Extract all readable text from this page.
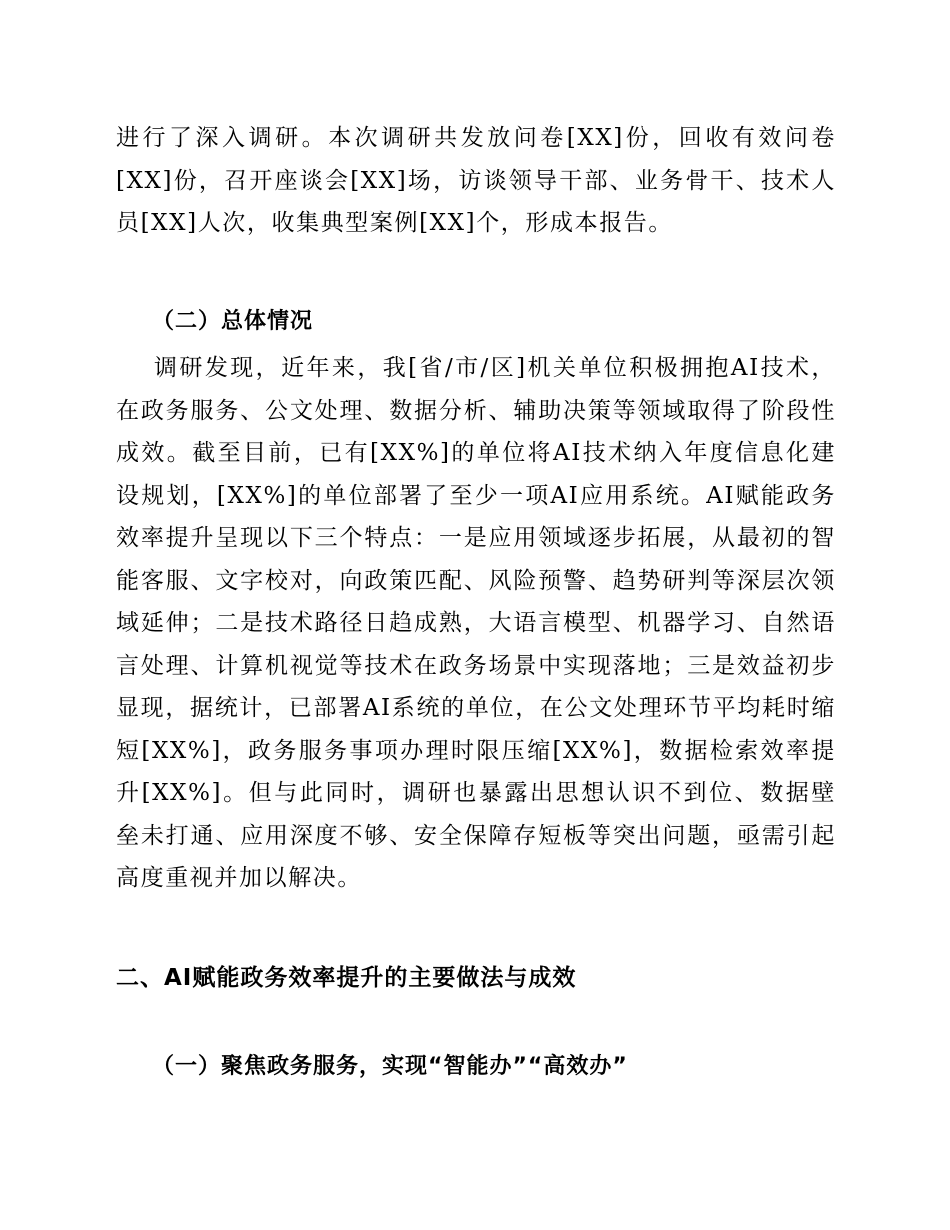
进行了深入调研。本次调研共发放问卷[XX]份，回收有效问卷[XX]份，召开座谈会[XX]场，访谈领导干部、业务骨干、技术人员[XX]人次，收集典型案例[XX]个，形成本报告。

（二）总体情况

调研发现，近年来，我[省/市/区]机关单位积极拥抱AI技术，在政务服务、公文处理、数据分析、辅助决策等领域取得了阶段性成效。截至目前，已有[XX%]的单位将AI技术纳入年度信息化建设规划，[XX%]的单位部署了至少一项AI应用系统。AI赋能政务效率提升呈现以下三个特点：一是应用领域逐步拓展，从最初的智能客服、文字校对，向政策匹配、风险预警、趋势研判等深层次领域延伸；二是技术路径日趋成熟，大语言模型、机器学习、自然语言处理、计算机视觉等技术在政务场景中实现落地；三是效益初步显现，据统计，已部署AI系统的单位，在公文处理环节平均耗时缩短[XX%]，政务服务事项办理时限压缩[XX%]，数据检索效率提升[XX%]。但与此同时，调研也暴露出思想认识不到位、数据壁垒未打通、应用深度不够、安全保障存短板等突出问题，亟需引起高度重视并加以解决。

二、AI赋能政务效率提升的主要做法与成效
（一）聚焦政务服务，实现“智能办”“高效办”
